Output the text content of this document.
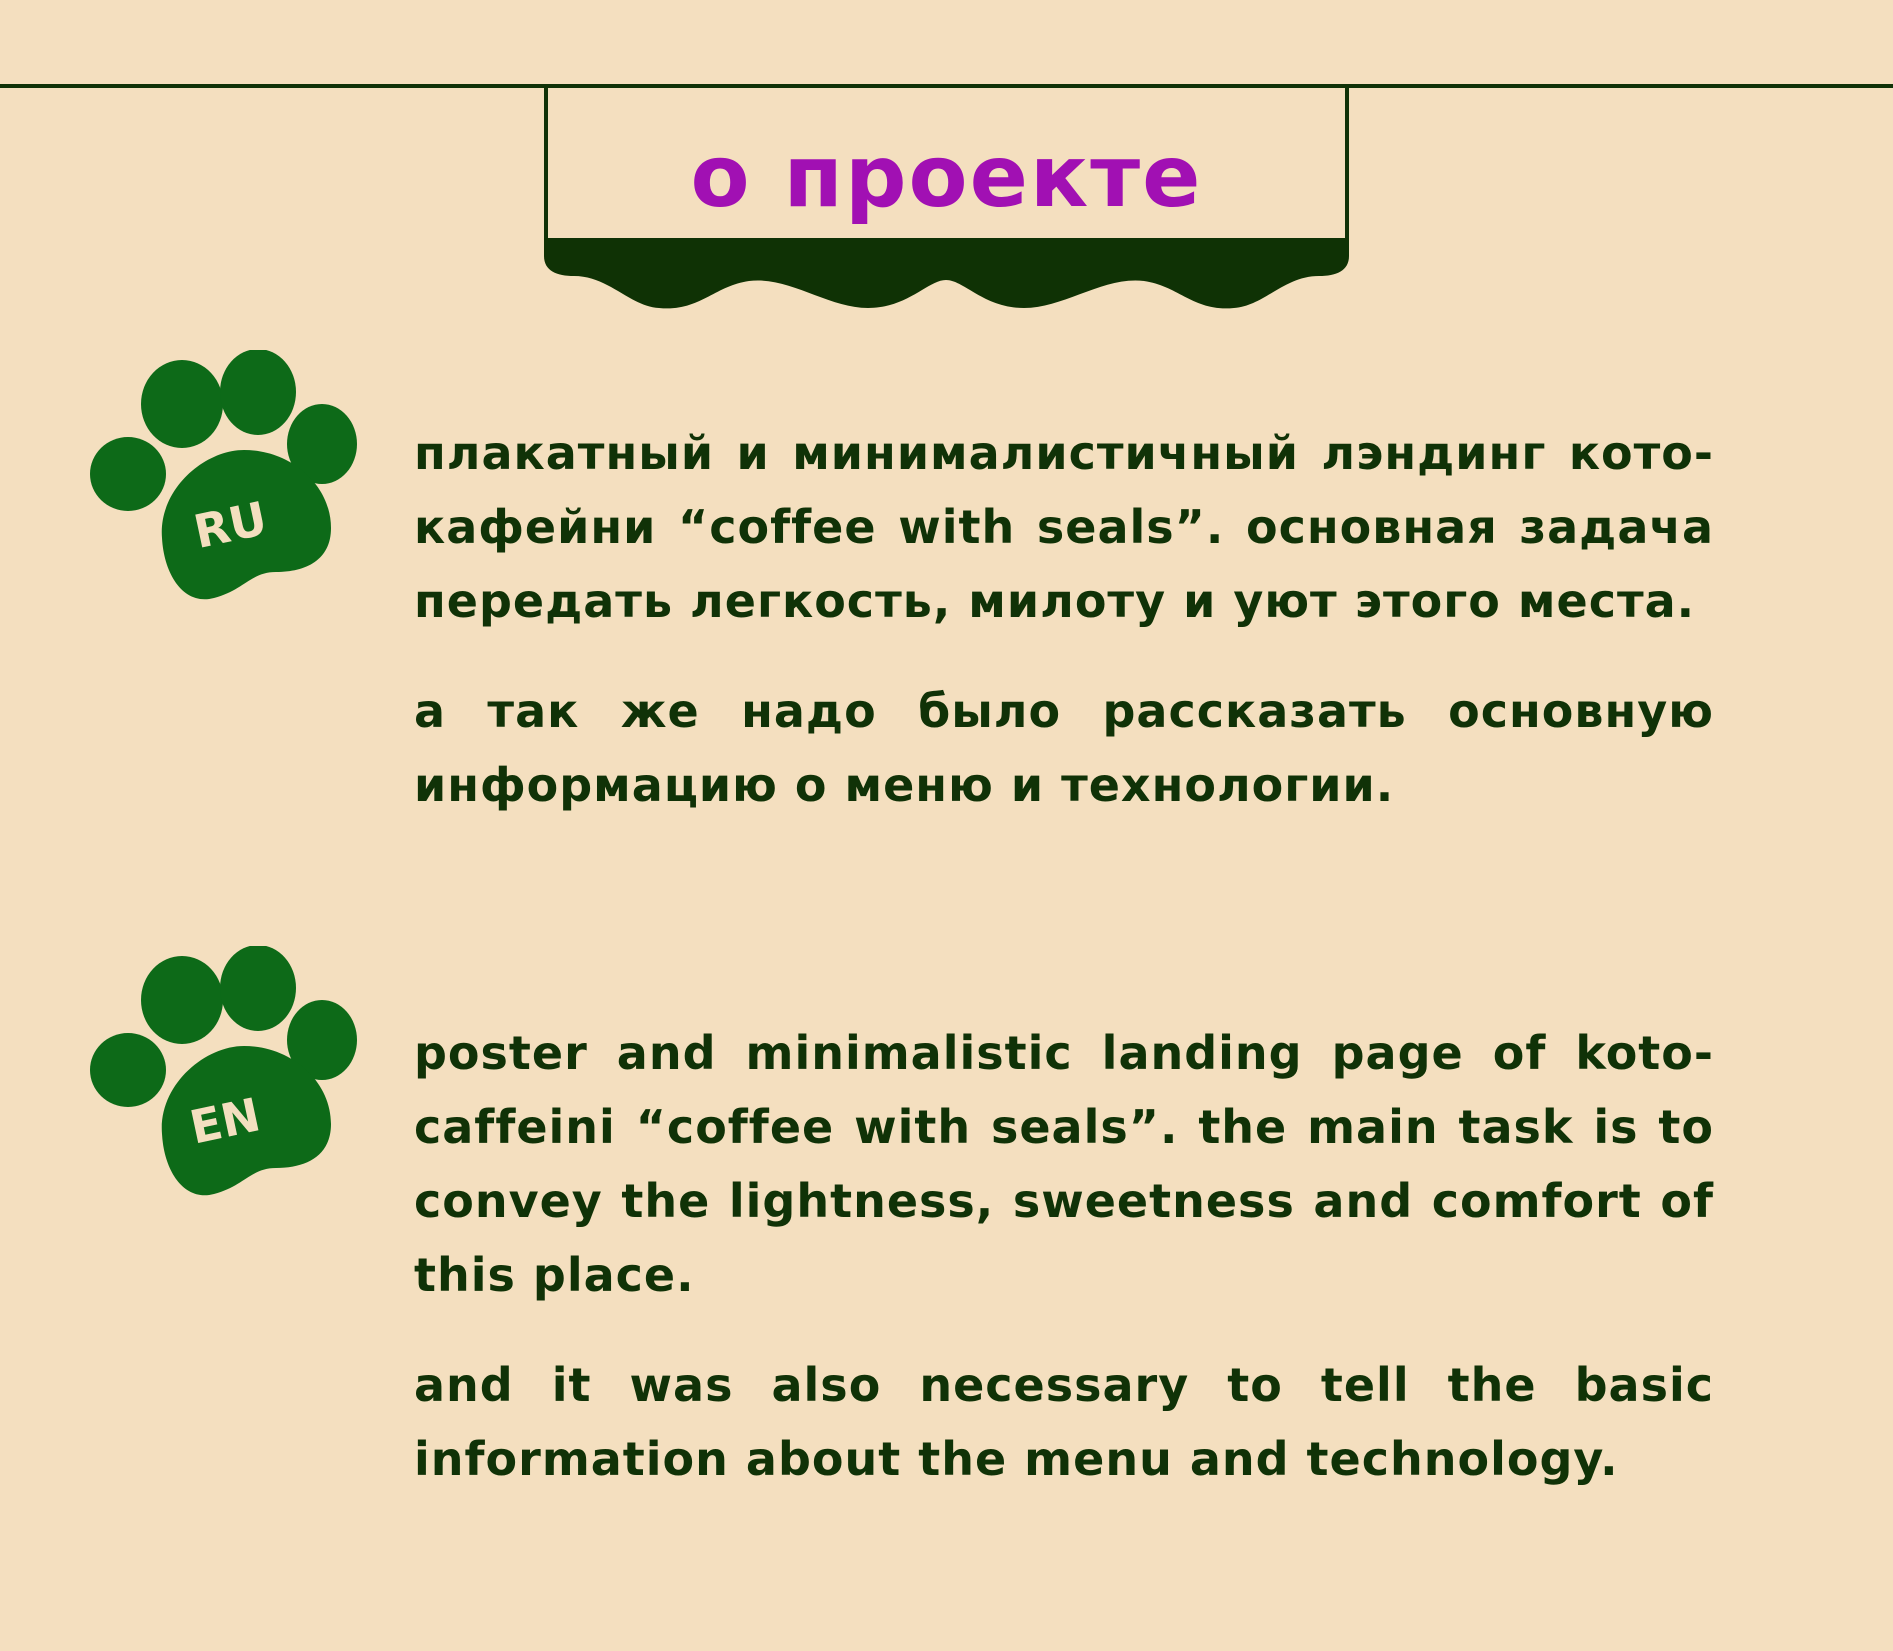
о проекте
RU

плакатный и минималистичный лэндинг кото-кафейни “coffee with seals”. основная задача передать легкость, милоту и уют этого места.

а так же надо было рассказать основную информацию о меню и технологии.

EN

poster and minimalistic landing page of koto-caffeini “coffee with seals”. the main task is to convey the lightness, sweetness and comfort of this place.

and it was also necessary to tell the basic information about the menu and technology.
